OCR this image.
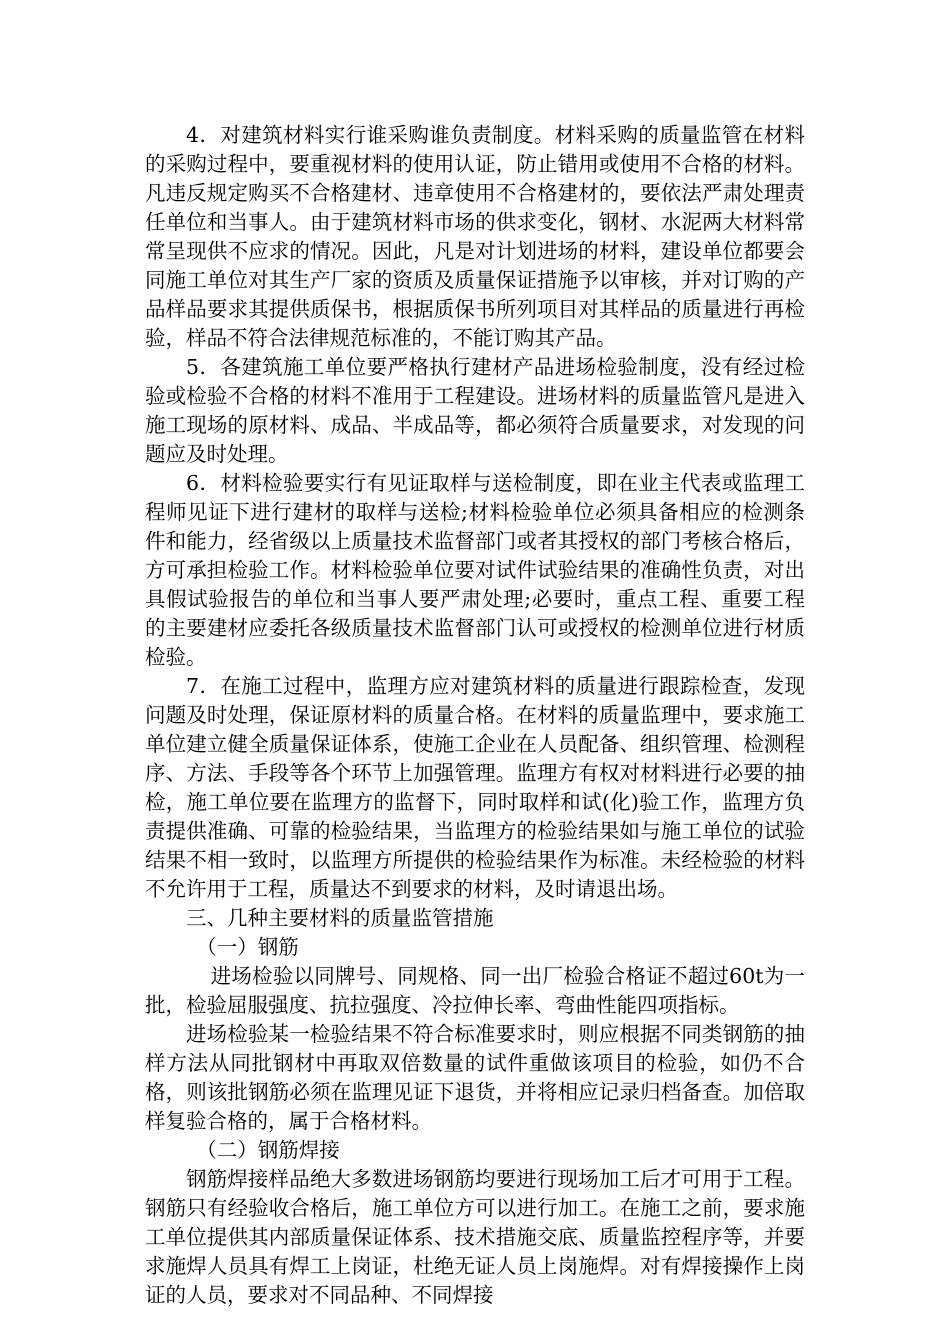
4．对建筑材料实行谁采购谁负责制度。材料采购的质量监管在材料的采购过程中，要重视材料的使用认证，防止错用或使用不合格的材料。凡违反规定购买不合格建材、违章使用不合格建材的，要依法严肃处理责任单位和当事人。由于建筑材料市场的供求变化，钢材、水泥两大材料常常呈现供不应求的情况。因此，凡是对计划进场的材料，建设单位都要会同施工单位对其生产厂家的资质及质量保证措施予以审核，并对订购的产品样品要求其提供质保书，根据质保书所列项目对其样品的质量进行再检验，样品不符合法律规范标准的，不能订购其产品。

5．各建筑施工单位要严格执行建材产品进场检验制度，没有经过检验或检验不合格的材料不准用于工程建设。进场材料的质量监管凡是进入施工现场的原材料、成品、半成品等，都必须符合质量要求，对发现的问题应及时处理。

6．材料检验要实行有见证取样与送检制度，即在业主代表或监理工程师见证下进行建材的取样与送检;材料检验单位必须具备相应的检测条件和能力，经省级以上质量技术监督部门或者其授权的部门考核合格后，方可承担检验工作。材料检验单位要对试件试验结果的准确性负责，对出具假试验报告的单位和当事人要严肃处理;必要时，重点工程、重要工程的主要建材应委托各级质量技术监督部门认可或授权的检测单位进行材质检验。

7．在施工过程中，监理方应对建筑材料的质量进行跟踪检查，发现问题及时处理，保证原材料的质量合格。在材料的质量监理中，要求施工单位建立健全质量保证体系，使施工企业在人员配备、组织管理、检测程序、方法、手段等各个环节上加强管理。监理方有权对材料进行必要的抽检，施工单位要在监理方的监督下，同时取样和试(化)验工作，监理方负责提供准确、可靠的检验结果，当监理方的检验结果如与施工单位的试验结果不相一致时，以监理方所提供的检验结果作为标准。未经检验的材料不允许用于工程，质量达不到要求的材料，及时请退出场。

三、几种主要材料的质量监管措施

（一）钢筋

进场检验以同牌号、同规格、同一出厂检验合格证不超过60t为一批，检验屈服强度、抗拉强度、冷拉伸长率、弯曲性能四项指标。

进场检验某一检验结果不符合标准要求时，则应根据不同类钢筋的抽样方法从同批钢材中再取双倍数量的试件重做该项目的检验，如仍不合格，则该批钢筋必须在监理见证下退货，并将相应记录归档备查。加倍取样复验合格的，属于合格材料。

（二）钢筋焊接

钢筋焊接样品绝大多数进场钢筋均要进行现场加工后才可用于工程。钢筋只有经验收合格后，施工单位方可以进行加工。在施工之前，要求施工单位提供其内部质量保证体系、技术措施交底、质量监控程序等，并要求施焊人员具有焊工上岗证，杜绝无证人员上岗施焊。对有焊接操作上岗证的人员，要求对不同品种、不同焊接
